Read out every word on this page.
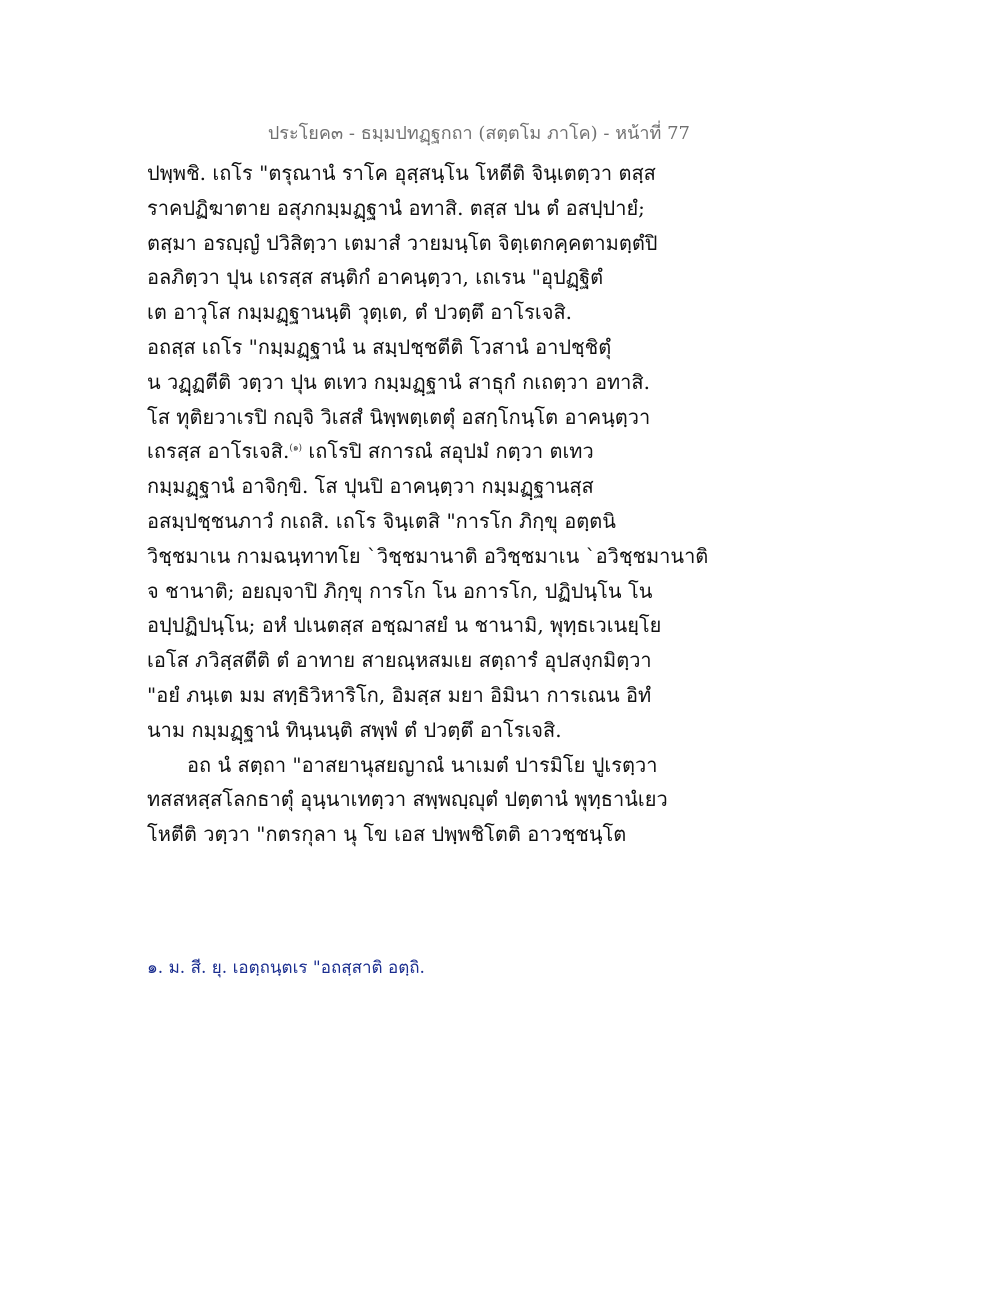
ประโยค๓ - ธมฺมปทฏฺฐกถา (สตฺตโม ภาโค) - หน้าที่ 77
ปพฺพชิ. เถโร "ตรุณานํ ราโค อุสฺสนฺโน โหตีติ จินฺเตตฺวา ตสฺส
ราคปฏิฆาตาย อสุภกมฺมฏฺฐานํ อทาสิ. ตสฺส ปน ตํ อสปฺปายํ;
ตสฺมา อรญฺญํ ปวิสิตฺวา เตมาสํ วายมนฺโต จิตฺเตกคฺคตามตฺตํปิ
อลภิตฺวา ปุน เถรสฺส สนฺติกํ อาคนฺตฺวา, เถเรน "อุปฏฺฐิตํ
เต อาวุโส กมฺมฏฺฐานนฺติ วุตฺเต, ตํ ปวตฺตึ อาโรเจสิ.
อถสฺส เถโร "กมฺมฏฺฐานํ น สมฺปชฺชตีติ โวสานํ อาปชฺชิตุํ
น วฏฺฏตีติ วตฺวา ปุน ตเทว กมฺมฏฺฐานํ สาธุกํ กเถตฺวา อทาสิ.
โส ทุติยวาเรปิ กญฺจิ วิเสสํ นิพฺพตฺเตตุํ อสกฺโกนฺโต อาคนฺตฺวา
เถรสฺส อาโรเจสิ.$^{(๑)}$ เถโรปิ สการณํ สอุปมํ กตฺวา ตเทว
กมฺมฏฺฐานํ อาจิกฺขิ. โส ปุนปิ อาคนฺตฺวา กมฺมฏฺฐานสฺส
อสมฺปชฺชนภาวํ กเถสิ. เถโร จินฺเตสิ "การโก ภิกฺขุ อตฺตนิ
วิชฺชมาเน กามฉนฺทาทโย `วิชฺชมานาติ อวิชฺชมาเน `อวิชฺชมานาติ
จ ชานาติ; อยญฺจาปิ ภิกฺขุ การโก โน อการโก, ปฏิปนฺโน โน
อปฺปฏิปนฺโน; อหํ ปเนตสฺส อชฺฌาสยํ น ชานามิ, พุทฺธเวเนยฺโย
เอโส ภวิสฺสตีติ ตํ อาทาย สายณฺหสมเย สตฺถารํ อุปสงฺกมิตฺวา
"อยํ ภนฺเต มม สทฺธิวิหาริโก, อิมสฺส มยา อิมินา การเณน อิทํ
นาม กมฺมฏฺฐานํ ทินฺนนฺติ สพฺพํ ตํ ปวตฺตึ อาโรเจสิ.
อถ นํ สตฺถา "อาสยานุสยญาณํ นาเมตํ ปารมิโย ปูเรตฺวา
ทสสหสฺสโลกธาตุํ อุนฺนาเทตฺวา สพฺพญฺญุตํ ปตฺตานํ พุทฺธานํเยว
โหตีติ วตฺวา "กตรกุลา นุ โข เอส ปพฺพชิโตติ อาวชฺชนฺโต
๑. ม. สี. ยุ. เอตฺถนฺตเร "อถสฺสาติ อตฺถิ.
